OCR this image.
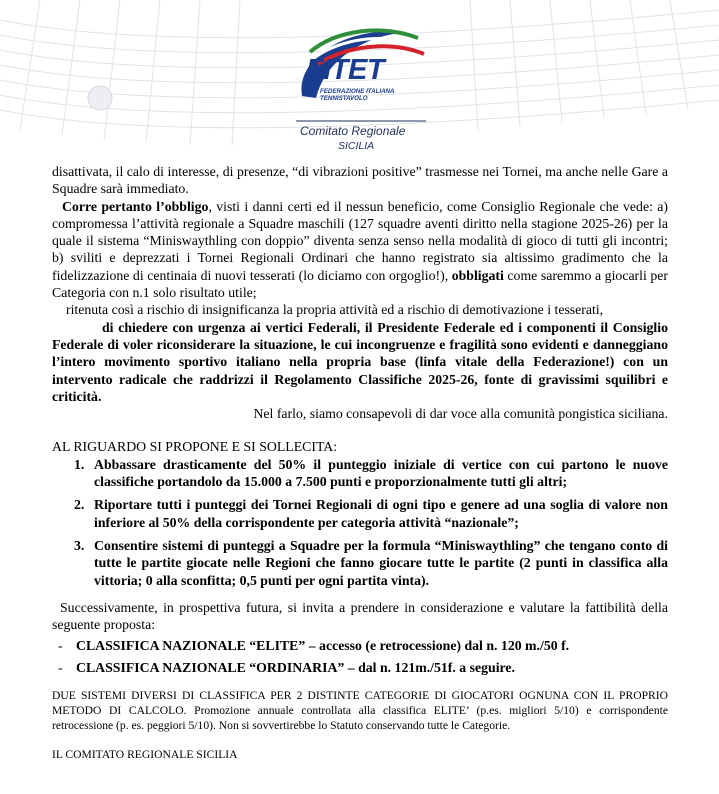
FITET
FEDERAZIONE ITALIANA TENNISTAVOLO
Comitato Regionale
SICILIA

disattivata, il calo di interesse, di presenze, “di vibrazioni positive” trasmesse nei Tornei, ma anche nelle Gare a Squadre sarà immediato.

Corre pertanto l’obbligo, visti i danni certi ed il nessun beneficio, come Consiglio Regionale che vede: a) compromessa l’attività regionale a Squadre maschili (127 squadre aventi diritto nella stagione 2025-26) per la quale il sistema “Miniswaythling con doppio” diventa senza senso nella modalità di gioco di tutti gli incontri; b) sviliti e deprezzati i Tornei Regionali Ordinari che hanno registrato sia altissimo gradimento che la fidelizzazione di centinaia di nuovi tesserati (lo diciamo con orgoglio!), obbligati come saremmo a giocarli per Categoria con n.1 solo risultato utile;

ritenuta così a rischio di insignificanza la propria attività ed a rischio di demotivazione i tesserati,

di chiedere con urgenza ai vertici Federali, il Presidente Federale ed i componenti il Consiglio Federale di voler riconsiderare la situazione, le cui incongruenze e fragilità sono evidenti e danneggiano l’intero movimento sportivo italiano nella propria base (linfa vitale della Federazione!) con un intervento radicale che raddrizzi il Regolamento Classifiche 2025-26, fonte di gravissimi squilibri e criticità.

Nel farlo, siamo consapevoli di dar voce alla comunità pongistica siciliana.

AL RIGUARDO SI PROPONE E SI SOLLECITA:

1. Abbassare drasticamente del 50% il punteggio iniziale di vertice con cui partono le nuove classifiche portandolo da 15.000 a 7.500 punti e proporzionalmente tutti gli altri;
2. Riportare tutti i punteggi dei Tornei Regionali di ogni tipo e genere ad una soglia di valore non inferiore al 50% della corrispondente per categoria attività “nazionale”;
3. Consentire sistemi di punteggi a Squadre per la formula “Miniswaythling” che tengano conto di tutte le partite giocate nelle Regioni che fanno giocare tutte le partite (2 punti in classifica alla vittoria; 0 alla sconfitta; 0,5 punti per ogni partita vinta).

Successivamente, in prospettiva futura, si invita a prendere in considerazione e valutare la fattibilità della seguente proposta:

- CLASSIFICA NAZIONALE “ELITE” – accesso (e retrocessione) dal n. 120 m./50 f.
- CLASSIFICA NAZIONALE “ORDINARIA” – dal n. 121m./51f. a seguire.

DUE SISTEMI DIVERSI DI CLASSIFICA PER 2 DISTINTE CATEGORIE DI GIOCATORI OGNUNA CON IL PROPRIO METODO DI CALCOLO. Promozione annuale controllata alla classifica ELITE’ (p.es. migliori 5/10) e corrispondente retrocessione (p. es. peggiori 5/10). Non si sovvertirebbe lo Statuto conservando tutte le Categorie.

IL COMITATO REGIONALE SICILIA
